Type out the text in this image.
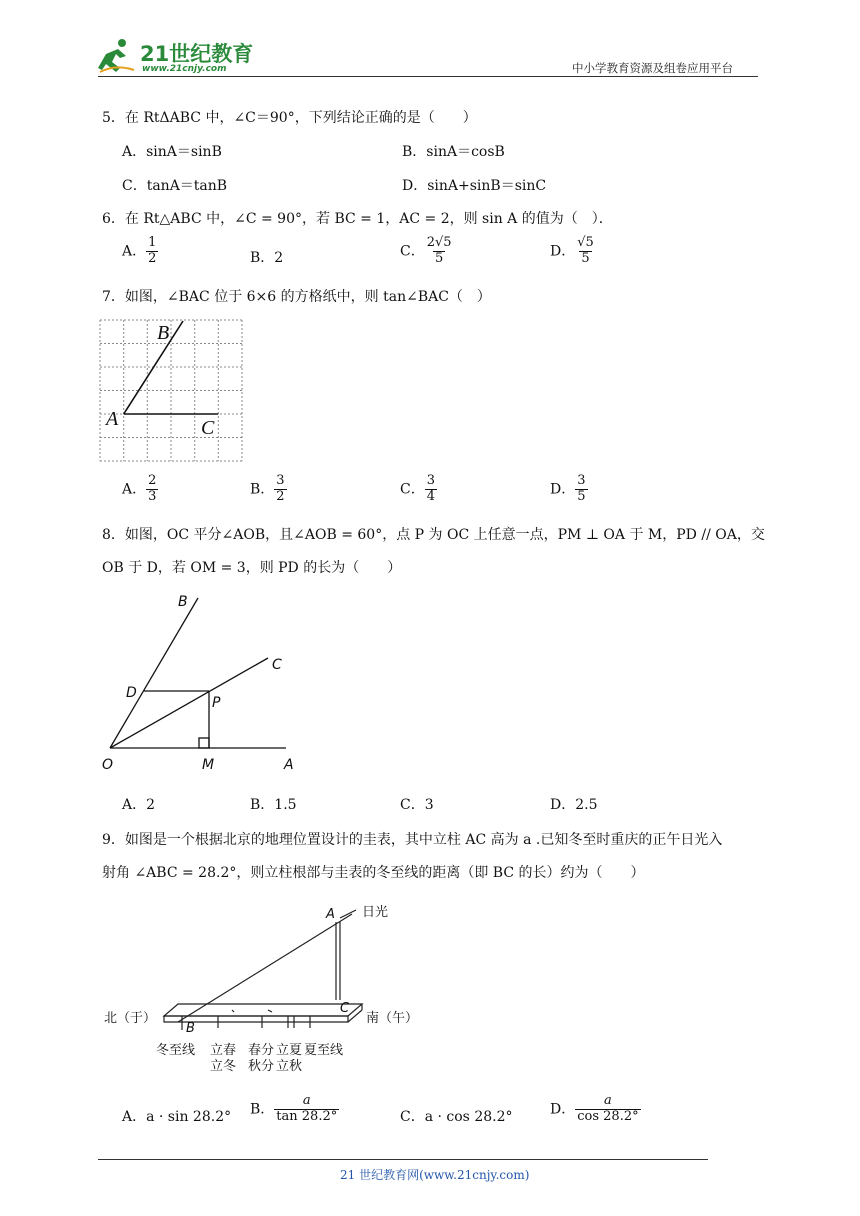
21世纪教育
www.21cnjy.com	中小学教育资源及组卷应用平台
5．在 RtΔABC 中，∠C＝90°，下列结论正确的是（　　）
A．sinA＝sinB	B．sinA＝cosB
C．tanA＝tanB	D．sinA+sinB＝sinC
6．在 Rt△ABC 中，∠C = 90°，若 BC = 1，AC = 2，则 sin A 的值为（　）．
A． $\frac{1}{2}$	B．2	C． $\frac{2√5}{5}$	D． $\frac{√5}{5}$
7．如图，∠BAC 位于 6×6 的方格纸中，则 tan∠BAC（　）
B
A	C
A． $\frac{2}{3}$	B． $\frac{3}{2}$	C． $\frac{3}{4}$	D． $\frac{3}{5}$
8．如图，OC 平分∠AOB，且∠AOB = 60°，点 P 为 OC 上任意一点，PM ⊥ OA 于 M，PD // OA，交
OB 于 D，若 OM = 3，则 PD 的长为（　　）
B
C
D
P
O	M	A
A．2	B．1.5	C．3	D．2.5
9．如图是一个根据北京的地理位置设计的圭表，其中立柱 AC 高为 a .已知冬至时重庆的正午日光入
射角 ∠ABC = 28.2°，则立柱根部与圭表的冬至线的距离（即 BC 的长）约为（　　）
A 日光
C
B
北（于）	南（午）
冬至线 立春
立冬
春分
秋分
立夏
立秋
夏至线
A．a · sin 28.2° B． $\frac{a}{\tan 28.2^\circ}$	C．a · cos 28.2°	D． $\frac{a}{\cos 28.2^\circ}$
21 世纪教育网(www.21cnjy.com)
